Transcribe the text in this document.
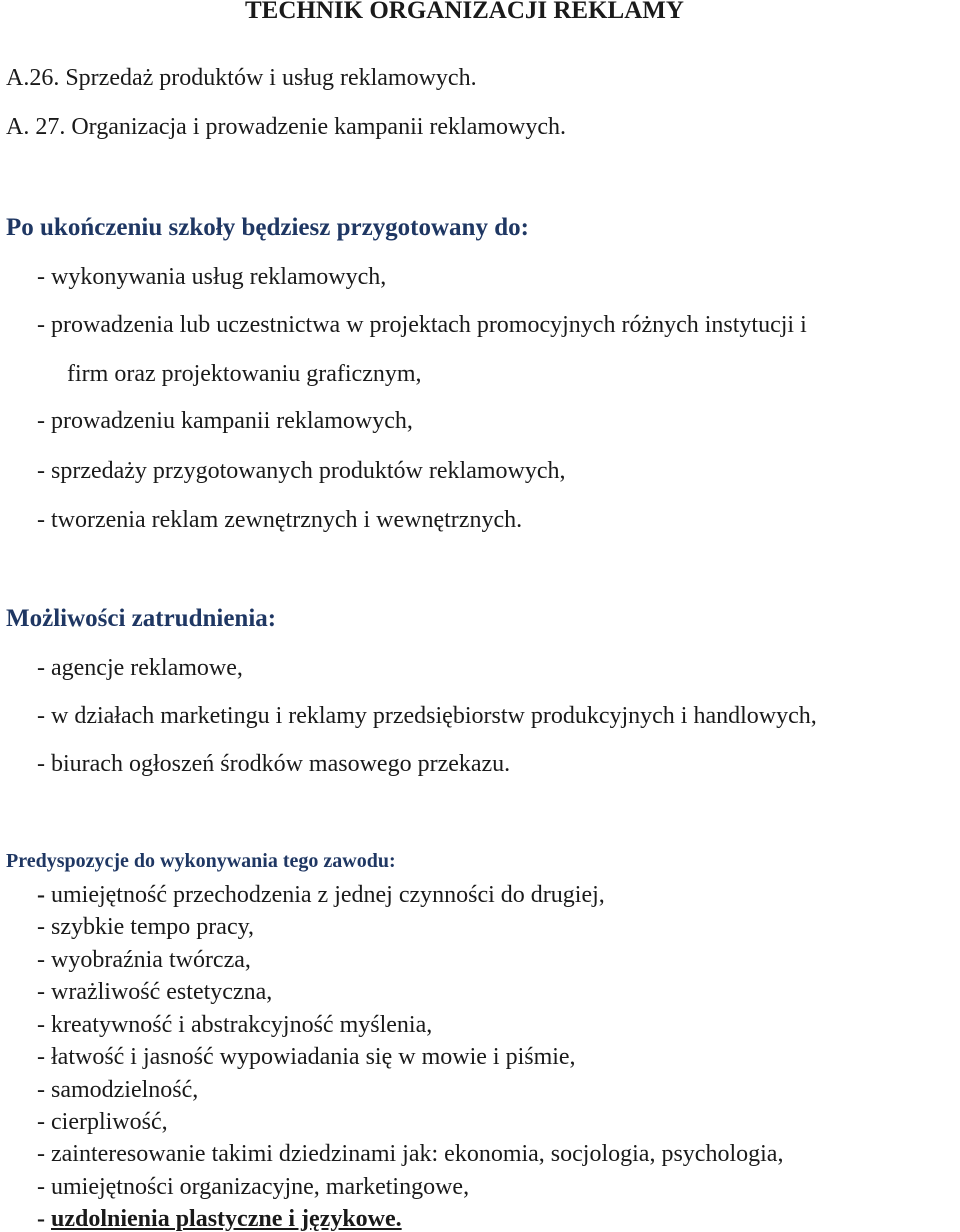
TECHNIK ORGANIZACJI REKLAMY
A.26. Sprzedaż produktów i usług reklamowych.
A. 27. Organizacja i prowadzenie kampanii reklamowych.
Po ukończeniu szkoły będziesz przygotowany do:
- wykonywania usług reklamowych,
- prowadzenia lub uczestnictwa w projektach promocyjnych różnych instytucji i
firm oraz projektowaniu graficznym,
- prowadzeniu kampanii reklamowych,
- sprzedaży przygotowanych produktów reklamowych,
- tworzenia reklam zewnętrznych i wewnętrznych.
Możliwości zatrudnienia:
- agencje reklamowe,
- w działach marketingu i reklamy przedsiębiorstw produkcyjnych i handlowych,
- biurach ogłoszeń środków masowego przekazu.
Predyspozycje do wykonywania tego zawodu:
- umiejętność przechodzenia z jednej czynności do drugiej,
- szybkie tempo pracy,
- wyobraźnia twórcza,
- wrażliwość estetyczna,
- kreatywność i abstrakcyjność myślenia,
- łatwość i jasność wypowiadania się w mowie i piśmie,
- samodzielność,
- cierpliwość,
- zainteresowanie takimi dziedzinami jak: ekonomia, socjologia, psychologia,
- umiejętności organizacyjne, marketingowe,
- uzdolnienia plastyczne i językowe.
